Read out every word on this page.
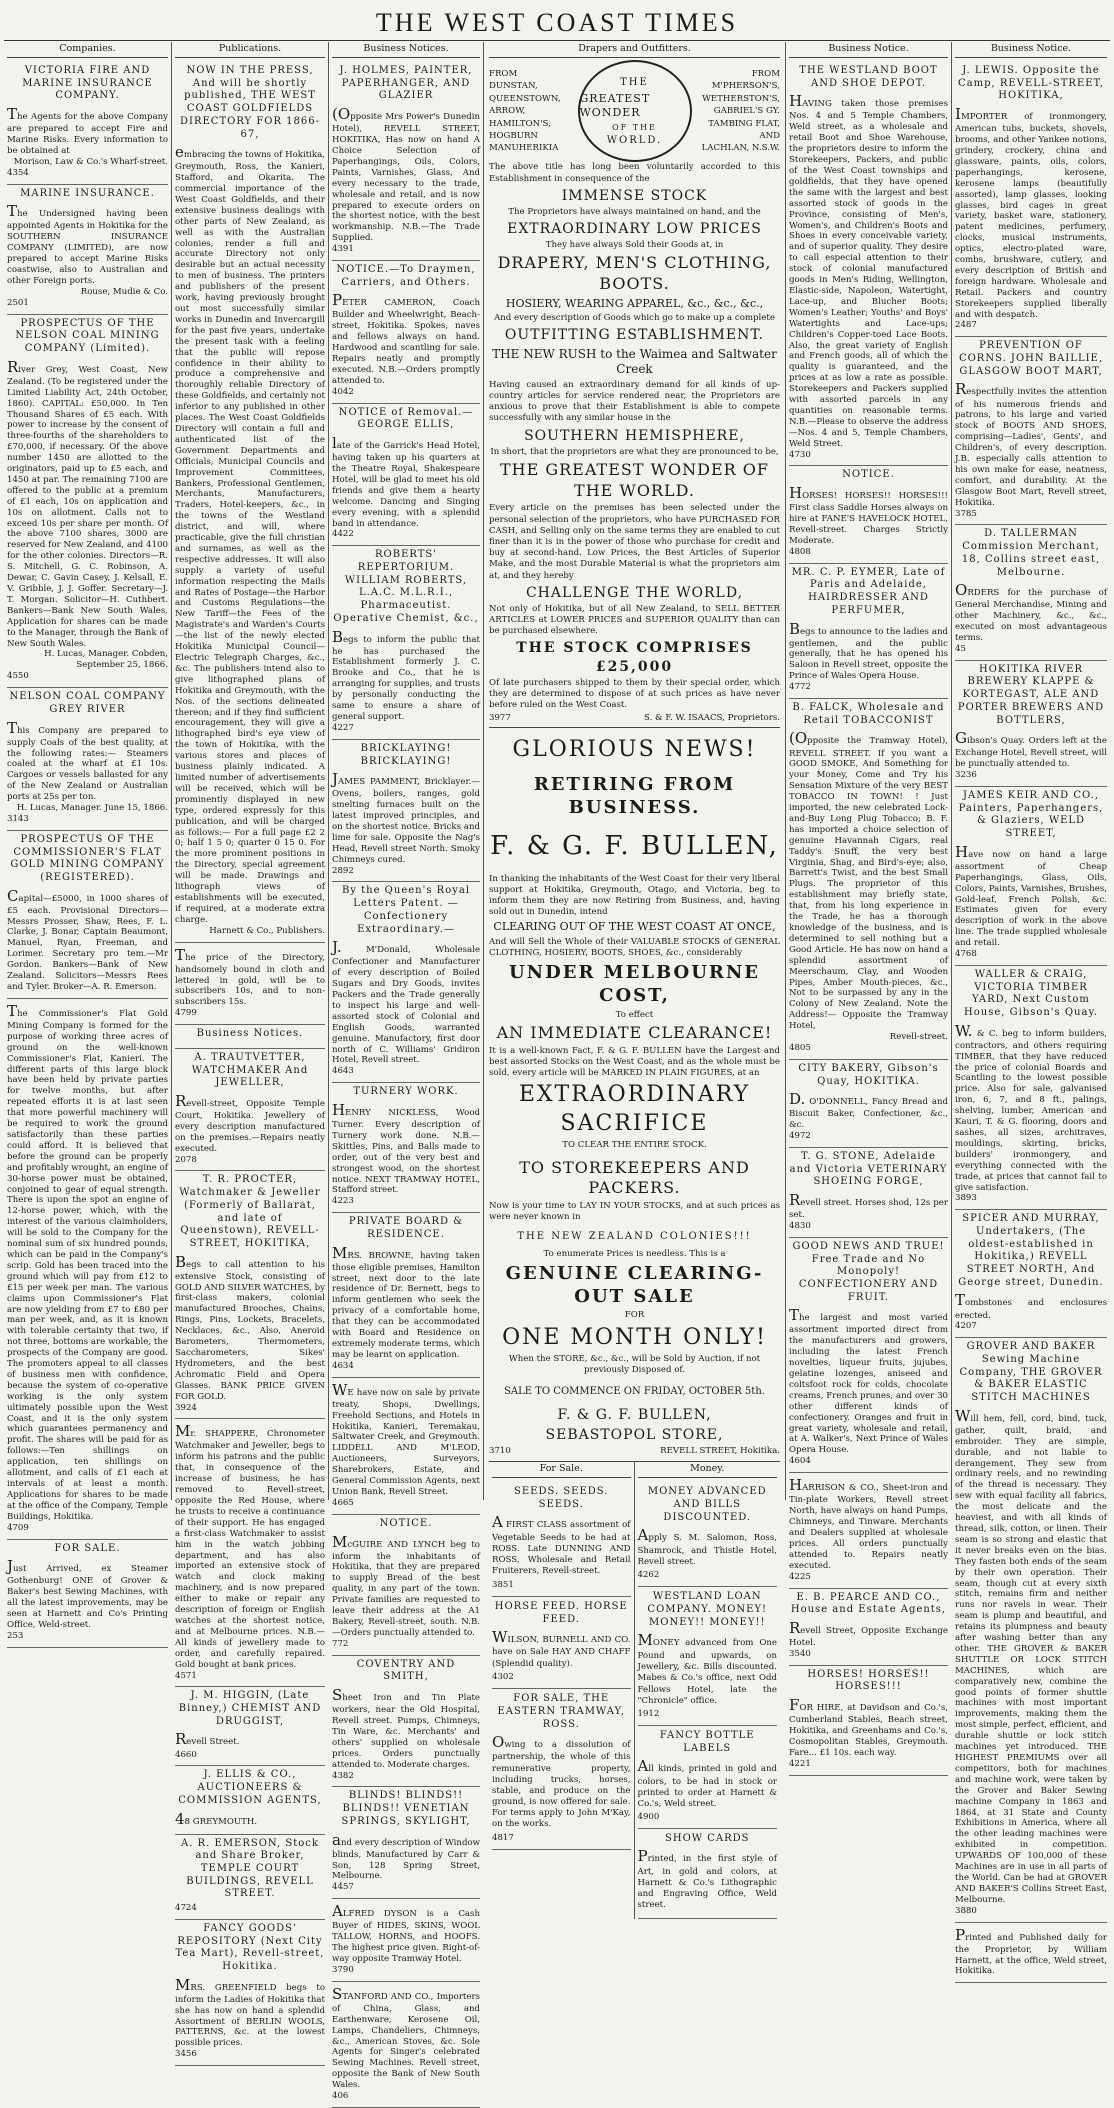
THE WEST COAST TIMES
Companies.
VICTORIA FIRE AND MARINE INSURANCE COMPANY.

The Agents for the above Company are prepared to accept Fire and Marine Risks. Every information to be obtained at

Morison, Law & Co.'s Wharf-street.
4354
MARINE INSURANCE.

The Undersigned having been appointed Agents in Hokitika for the SOUTHERN INSURANCE COMPANY (LIMITED), are now prepared to accept Marine Risks coastwise, also to Australian and other Foreign ports.

Rouse, Mudie & Co.
2501
PROSPECTUS OF THE NELSON COAL MINING COMPANY (Limited).

River Grey, West Coast, New Zealand. (To be registered under the Limited Liability Act, 24th October, 1860). CAPITAL: £50,000. In Ten Thousand Shares of £5 each. With power to increase by the consent of three-fourths of the shareholders to £70,000, if necessary. Of the above number 1450 are allotted to the originators, paid up to £5 each, and 1450 at par. The remaining 7100 are offered to the public at a premium of £1 each, 10s on application and 10s on allotment. Calls not to exceed 10s per share per month. Of the above 7100 shares, 3000 are reserved for New Zealand, and 4100 for the other colonies. Directors—R. S. Mitchell, G. C. Robinson, A. Dewar, C. Gavin Casey, J. Kelsall, E. V. Gribble, J. J. Goffer. Secretary—J. T. Morgan. Solicitor—H. Cuthbert. Bankers—Bank New South Wales. Application for shares can be made to the Manager, through the Bank of New South Wales.

H. Lucas, Manager. Cobden, September 25, 1866.
4550
NELSON COAL COMPANY GREY RIVER

This Company are prepared to supply Coals of the best quality, at the following rates:— Steamers coaled at the wharf at £1 10s. Cargoes or vessels ballasted for any of the New Zealand or Australian ports at 25s per ton.

H. Lucas, Manager. June 15, 1866.
3143
PROSPECTUS OF THE COMMISSIONER'S FLAT GOLD MINING COMPANY (REGISTERED).

Capital—£5000, in 1000 shares of £5 each. Provisional Directors—Messrs Prosser, Shaw, Rees, F. L. Clarke, J. Bonar, Captain Beaumont, Manuel, Ryan, Freeman, and Lorimer. Secretary pro tem.—Mr Gordon. Bankers—Bank of New Zealand. Solicitors—Messrs Rees and Tyler. Broker—A. R. Emerson.

The Commissioner's Flat Gold Mining Company is formed for the purpose of working three acres of ground on the well-known Commissioner's Flat, Kanieri. The different parts of this large block have been held by private parties for twelve months, but after repeated efforts it is at last seen that more powerful machinery will be required to work the ground satisfactorily than these parties could afford. It is believed that before the ground can be properly and profitably wrought, an engine of 30-horse power must be obtained, conjoined to gear of equal strength. There is upon the spot an engine of 12-horse power, which, with the interest of the various claimholders, will be sold to the Company for the nominal sum of six hundred pounds, which can be paid in the Company's scrip. Gold has been traced into the ground which will pay from £12 to £15 per week per man. The various claims upon Commissioner's Flat are now yielding from £7 to £80 per man per week, and, as it is known with tolerable certainty that two, if not three, bottoms are workable, the prospects of the Company are good. The promoters appeal to all classes of business men with confidence, because the system of co-operative working is the only system ultimately possible upon the West Coast, and it is the only system which guarantees permanency and profit. The shares will be paid for as follows:—Ten shillings on application, ten shillings on allotment, and calls of £1 each at intervals of at least a month. Applications for shares to be made at the office of the Company, Temple Buildings, Hokitika.

4709
FOR SALE.

Just Arrived, ex Steamer Gothenburg! ONE of Grover & Baker's best Sewing Machines, with all the latest improvements, may be seen at Harnett and Co's Printing Office, Weld-street.

253
Publications.
NOW IN THE PRESS, And will be shortly published, THE WEST COAST GOLDFIELDS DIRECTORY FOR 1866-67,

embracing the towns of Hokitika, Greymouth, Ross, the Kanieri, Stafford, and Okarita. The commercial importance of the West Coast Goldfields, and their extensive business dealings with other parts of New Zealand, as well as with the Australian colonies, render a full and accurate Directory not only desirable but an actual necessity to men of business. The printers and publishers of the present work, having previously brought out most successfully similar works in Dunedin and Invercargill for the past five years, undertake the present task with a feeling that the public will repose confidence in their ability to produce a comprehensive and thoroughly reliable Directory of these Goldfields, and certainly not inferior to any published in other places. The West Coast Goldfields Directory will contain a full and authenticated list of the Government Departments and Officials, Municipal Councils and Improvement Committees, Bankers, Professional Gentlemen, Merchants, Manufacturers, Traders, Hotel-keepers, &c., in the towns of the Westland district, and will, where practicable, give the full christian and surnames, as well as the respective addresses. It will also supply a variety of useful information respecting the Mails and Rates of Postage—the Harbor and Customs Regulations—the New Tariff—the Fees of the Magistrate's and Warden's Courts—the list of the newly elected Hokitika Municipal Council—Electric Telegraph Charges, &c., &c. The publishers intend also to give lithographed plans of Hokitika and Greymouth, with the Nos. of the sections delineated thereon; and if they find sufficient encouragement, they will give a lithographed bird's eye view of the town of Hokitika, with the various stores and places of business plainly indicated. A limited number of advertisements will be received, which will be prominently displayed in new type, ordered expressly for this publication, and will be charged as follows:— For a full page £2 2 0; half 1 5 0; quarter 0 15 0. For the more prominent positions in the Directory, special agreement will be made. Drawings and lithograph views of establishments will be executed, if required, at a moderate extra charge.

Harnett & Co., Publishers.

The price of the Directory, handsomely bound in cloth and lettered in gold, will be to subscribers 10s, and to non-subscribers 15s.

4799
Business Notices.
A. TRAUTVETTER, WATCHMAKER And JEWELLER,

Revell-street, Opposite Temple Court, Hokitika. Jewellery of every description manufactured on the premises.—Repairs neatly executed.

2078
T. R. PROCTER, Watchmaker & Jeweller (Formerly of Ballarat, and late of Queenstown), REVELL-STREET, HOKITIKA,

Begs to call attention to his extensive Stock, consisting of GOLD AND SILVER WATCHES, by first-class makers, colonial manufactured Brooches, Chains, Rings, Pins, Lockets, Bracelets, Necklaces, &c., Also, Aneroid Barometers, Thermometers, Saccharometers, Sikes' Hydrometers, and the best Achromatic Field and Opera Glasses. BANK PRICE GIVEN FOR GOLD.

3924

Mr. SHAPPERE, Chronometer Watchmaker and Jeweller, begs to inform his patrons and the public that, in consequence of the increase of business, he has removed to Revell-street, opposite the Red House, where he trusts to receive a continuance of their support. He has engaged a first-class Watchmaker to assist him in the watch jobbing department, and has also imported an extensive stock of watch and clock making machinery, and is now prepared either to make or repair any description of foreign or English watches at the shortest notice, and at Melbourne prices. N.B.—All kinds of jewellery made to order, and carefully repaired. Gold bought at bank prices.

4571
J. M. HIGGIN, (Late Binney,) CHEMIST AND DRUGGIST,

Revell Street.

4660
J. ELLIS & CO., AUCTIONEERS & COMMISSION AGENTS,

48 GREYMOUTH.

A. R. EMERSON, Stock and Share Broker, TEMPLE COURT BUILDINGS, REVELL STREET.
4724
FANCY GOODS' REPOSITORY (Next City Tea Mart), Revell-street, Hokitika.

MRS. GREENFIELD begs to inform the Ladies of Hokitika that she has now on hand a splendid Assortment of BERLIN WOOLS, PATTERNS, &c. at the lowest possible prices.

3456
Business Notices.
J. HOLMES, PAINTER, PAPERHANGER, AND GLAZIER

(Opposite Mrs Power's Dunedin Hotel), REVELL STREET, HOKITIKA, Has now on hand A Choice Selection of Paperhangings, Oils, Colors, Paints, Varnishes, Glass, And every necessary to the trade, wholesale and retail, and is now prepared to execute orders on the shortest notice, with the best workmanship. N.B.—The Trade Supplied.

4391
NOTICE.—To Draymen, Carriers, and Others.

PETER CAMERON, Coach Builder and Wheelwright, Beach-street, Hokitika. Spokes, naves and fellows always on hand. Hardwood and scantling for sale. Repairs neatly and promptly executed. N.B.—Orders promptly attended to.

4042
NOTICE of Removal.—GEORGE ELLIS,

late of the Garrick's Head Hotel, having taken up his quarters at the Theatre Royal, Shakespeare Hotel, will be glad to meet his old friends and give them a hearty welcome. Dancing and Singing every evening, with a splendid band in attendance.

4422
ROBERTS' REPERTORIUM. WILLIAM ROBERTS, L.A.C. M.L.R.I., Pharmaceutist. Operative Chemist, &c.,

Begs to inform the public that he has purchased the Establishment formerly J. C. Brooke and Co., that he is arranging for supplies, and trusts by personally conducting the same to ensure a share of general support.

4227
BRICKLAYING! BRICKLAYING!

JAMES PAMMENT, Bricklayer.—Ovens, boilers, ranges, gold smelting furnaces built on the latest improved principles, and on the shortest notice. Bricks and lime for sale. Opposite the Nag's Head, Revell street North. Smoky Chimneys cured.

2892
By the Queen's Royal Letters Patent. —Confectionery Extraordinary.—

J. M'Donald, Wholesale Confectioner and Manufacturer of every description of Boiled Sugars and Dry Goods, invites Packers and the Trade generally to inspect his large and well-assorted stock of Colonial and English Goods, warranted genuine. Manufactory, first door north of C. Williams' Gridiron Hotel, Revell street.

4643
TURNERY WORK.

HENRY NICKLESS, Wood Turner. Every description of Turnery work done. N.B.—Skittles, Pins, and Balls made to order, out of the very best and strongest wood, on the shortest notice. NEXT TRAMWAY HOTEL, Stafford street.

4223
PRIVATE BOARD & RESIDENCE.

MRS. BROWNE, having taken those eligible premises, Hamilton street, next door to the late residence of Dr. Bernett, begs to inform gentlemen who seek the privacy of a comfortable home, that they can be accommodated with Board and Residence on extremely moderate terms, which may be learnt on application.

4634

WE have now on sale by private treaty, Shops, Dwellings, Freehold Sections, and Hotels in Hokitika, Kanieri, Teremakau, Saltwater Creek, and Greymouth. LIDDELL AND M'LEOD, Auctioneers, Surveyors, Sharebrokers, Estate, and General Commission Agents, next Union Bank, Revell Street.

4665
NOTICE.

McGUIRE AND LYNCH beg to inform the inhabitants of Hokitika, that they are prepared to supply Bread of the best quality, in any part of the town. Private families are requested to leave their address at the A1 Bakery, Revell-street, south. N.B.—Orders punctually attended to.

772
COVENTRY AND SMITH,

Sheet Iron and Tin Plate workers, near the Old Hospital, Revell street. Pumps, Chimneys, Tin Ware, &c. Merchants' and others' supplied on wholesale prices. Orders punctually attended to. Moderate charges.

4382
BLINDS! BLINDS!! BLINDS!! VENETIAN SPRINGS, SKYLIGHT,

and every description of Window blinds, Manufactured by Carr & Son, 128 Spring Street, Melbourne.

4457

ALFRED DYSON is a Cash Buyer of HIDES, SKINS, WOOL TALLOW, HORNS, and HOOFS. The highest price given. Right-of-way opposite Tramway Hotel.

3790

STANFORD AND CO., Importers of China, Glass, and Earthenware, Kerosene Oil, Lamps, Chandeliers, Chimneys, &c., American Stoves, &c. Sole Agents for Singer's celebrated Sewing Machines. Revell street, opposite the Bank of New South Wales.

406
Drapers and Outfitters.
FROM
DUNSTAN,
QUEENSTOWN,
ARROW,
HAMILTON'S,
HOGBURN
MANUHERIKIA
THE
GREATEST WONDER
OF THE
WORLD.
FROM
M'PHERSON'S,
WETHERSTON'S,
GABRIEL'S GY.
TAMBING FLAT,
AND
LACHLAN, N.S.W.

The above title has long been voluntarily accorded to this Establishment in consequence of the

IMMENSE STOCK
The Proprietors have always maintained on hand, and the
EXTRAORDINARY LOW PRICES
They have always Sold their Goods at, in
DRAPERY, MEN'S CLOTHING, BOOTS.
HOSIERY, WEARING APPAREL, &c., &c., &c.,
And every description of Goods which go to make up a complete
OUTFITTING ESTABLISHMENT.
THE NEW RUSH to the Waimea and Saltwater Creek

Having caused an extraordinary demand for all kinds of up-country articles for service rendered near, the Proprietors are anxious to prove that their Establishment is able to compete successfully with any similar house in the

SOUTHERN HEMISPHERE,
In short, that the proprietors are what they are pronounced to be,
THE GREATEST WONDER OF THE WORLD.

Every article on the premises has been selected under the personal selection of the proprietors, who have PURCHASED FOR CASH, and Selling only on the same terms they are enabled to cut finer than it is in the power of those who purchase for credit and buy at second-hand. Low Prices, the Best Articles of Superior Make, and the most Durable Material is what the proprietors aim at, and they hereby

CHALLENGE THE WORLD,

Not only of Hokitika, but of all New Zealand, to SELL BETTER ARTICLES at LOWER PRICES and SUPERIOR QUALITY than can be purchased elsewhere.

THE STOCK COMPRISES £25,000

Of late purchasers shipped to them by their special order, which they are determined to dispose of at such prices as have never before ruled on the West Coast.

3977	S. & F. W. ISAACS, Proprietors.
GLORIOUS NEWS!
RETIRING FROM BUSINESS.
F. & G. F. BULLEN,

In thanking the inhabitants of the West Coast for their very liberal support at Hokitika, Greymouth, Otago, and Victoria, beg to inform them they are now Retiring from Business, and, having sold out in Dunedin, intend

CLEARING OUT OF THE WEST COAST AT ONCE,

And will Sell the Whole of their VALUABLE STOCKS of GENERAL CLOTHING, HOSIERY, BOOTS, SHOES, &c., considerably

UNDER MELBOURNE COST,
To effect
AN IMMEDIATE CLEARANCE!

It is a well-known Fact, F. & G. F. BULLEN have the Largest and best assorted Stocks on the West Coast, and as the whole must be sold, every article will be MARKED IN PLAIN FIGURES, at an

EXTRAORDINARY SACRIFICE
TO CLEAR THE ENTIRE STOCK.
TO STOREKEEPERS AND PACKERS.

Now is your time to LAY IN YOUR STOCKS, and at such prices as were never known in

THE NEW ZEALAND COLONIES!!!
To enumerate Prices is needless. This is a
GENUINE CLEARING-OUT SALE
FOR
ONE MONTH ONLY!

When the STORE, &c., &c., will be Sold by Auction, if not previously Disposed of.

SALE TO COMMENCE ON FRIDAY, OCTOBER 5th.
F. & G. F. BULLEN,
SEBASTOPOL STORE,
3710	REVELL STREET, Hokitika.
For Sale.
SEEDS. SEEDS. SEEDS.

A FIRST CLASS assortment of Vegetable Seeds to be had at ROSS. Late DUNNING AND ROSS, Wholesale and Retail Fruiterers, Revell-street.

3851
HORSE FEED. HORSE FEED.

WILSON, BURNELL AND CO. have on Sale HAY AND CHAFF (Splendid quality).

4302
FOR SALE, THE EASTERN TRAMWAY, ROSS.

Owing to a dissolution of partnership, the whole of this remunerative property, including trucks, horses, stable, and produce on the ground, is now offered for sale. For terms apply to John M'Kay, on the works.

4817
Money.
MONEY ADVANCED AND BILLS DISCOUNTED.

Apply S. M. Salomon, Ross, Shamrock, and Thistle Hotel, Revell street.

4262
WESTLAND LOAN COMPANY. MONEY! MONEY!! MONEY!!

MONEY advanced from One Pound and upwards, on Jewellery, &c. Bills discounted. Mabes & Co.'s office, next Odd Fellows Hotel, late the "Chronicle" office.

1912
FANCY BOTTLE LABELS

All kinds, printed in gold and colors, to be had in stock or printed to order at Harnett & Co.'s, Weld street.

4900
SHOW CARDS

Printed, in the first style of Art, in gold and colors, at Harnett & Co.'s Lithographic and Engraving Office, Weld street.

Business Notice.
THE WESTLAND BOOT AND SHOE DEPOT.

HAVING taken those premises Nos. 4 and 5 Temple Chambers, Weld street, as a wholesale and retail Boot and Shoe Warehouse, the proprietors desire to inform the Storekeepers, Packers, and public of the West Coast townships and goldfields, that they have opened the same with the largest and best assorted stock of goods in the Province, consisting of Men's, Women's, and Children's Boots and Shoes in every conceivable variety, and of superior quality. They desire to call especial attention to their stock of colonial manufactured goods in Men's Riding, Wellington, Elastic-side, Napoleon, Watertight, Lace-up, and Blucher Boots; Women's Leather; Youths' and Boys' Watertights and Lace-ups; Children's Copper-toed Lace Boots. Also, the great variety of English and French goods, all of which the quality is guaranteed, and the prices at as low a rate as possible. Storekeepers and Packers supplied with assorted parcels in any quantities on reasonable terms. N.B.—Please to observe the address—Nos. 4 and 5, Temple Chambers, Weld Street.

4730
NOTICE.

HORSES! HORSES!! HORSES!!! First class Saddle Horses always on hire at FANE'S HAVELOCK HOTEL, Revell-street. Charges Strictly Moderate.

4808
MR. C. P. EYMER, Late of Paris and Adelaide, HAIRDRESSER AND PERFUMER,

Begs to announce to the ladies and gentlemen, and the public generally, that he has opened his Saloon in Revell street, opposite the Prince of Wales Opera House.

4772
B. FALCK, Wholesale and Retail TOBACCONIST

(Opposite the Tramway Hotel), REVELL STREET. If you want a GOOD SMOKE, And Something for your Money, Come and Try his Sensation Mixture of the very BEST TOBACCO IN TOWN! ! Just imported, the new celebrated Lock-and-Buy Long Plug Tobacco; B. F. has imported a choice selection of genuine Havannah Cigars, real Taddy's Snuff, the very best Virginia, Shag, and Bird's-eye; also, Barrett's Twist, and the best Small Plugs. The proprietor of this establishment may briefly state, that, from his long experience in the Trade, he has a thorough knowledge of the business, and is determined to sell nothing but a Good Article. He has now on hand a splendid assortment of Meerschaum, Clay, and Wooden Pipes, Amber Mouth-pieces, &c., Not to be surpassed by any in the Colony of New Zealand. Note the Address!— Opposite the Tramway Hotel,

Revell-street.
4805
CITY BAKERY, Gibson's Quay, HOKITIKA.

D. O'DONNELL, Fancy Bread and Biscuit Baker, Confectioner, &c., &c.

4972
T. G. STONE, Adelaide and Victoria VETERINARY SHOEING FORGE,

Revell street. Horses shod, 12s per set.

4830
GOOD NEWS AND TRUE! Free Trade and No Monopoly! CONFECTIONERY AND FRUIT.

The largest and most varied assortment imported direct from the manufacturers and growers, including the latest French novelties, liqueur fruits, jujubes, gelatine lozenges, aniseed and coltsfoot rock for colds, chocolate creams, French prunes, and over 30 other different kinds of confectionery. Oranges and fruit in great variety, wholesale and retail, at A. Walker's, Next Prince of Wales Opera House.

4604

HARRISON & CO., Sheet-iron and Tin-plate Workers, Revell street North, have always on hand Pumps, Chimneys, and Tinware. Merchants and Dealers supplied at wholesale prices. All orders punctually attended to. Repairs neatly executed.

4225
E. B. PEARCE AND CO., House and Estate Agents,

Revell Street, Opposite Exchange Hotel.

3540
HORSES! HORSES!! HORSES!!!

FOR HIRE, at Davidson and Co.'s, Cumberland Stables, Beach street, Hokitika, and Greenhams and Co.'s, Cosmopolitan Stables, Greymouth. Fare... £1 10s. each way.

4221
Business Notice.
J. LEWIS. Opposite the Camp, REVELL-STREET, HOKITIKA,

IMPORTER of ironmongery, American tubs, buckets, shovels, brooms, and other Yankee notions, grindery, crockery, china and glassware, paints, oils, colors, paperhangings, kerosene, kerosene lamps (beautifully assorted), lamp glasses, looking glasses, bird cages in great variety, basket ware, stationery, patent medicines, perfumery, clocks, musical instruments, optics, electro-plated ware, combs, brushware, cutlery, and every description of British and foreign hardware. Wholesale and Retail. Packers and country Storekeepers supplied liberally and with despatch.

2487
PREVENTION OF CORNS. JOHN BAILLIE, GLASGOW BOOT MART,

Respectfully invites the attention of his numerous friends and patrons, to his large and varied stock of BOOTS AND SHOES, comprising—Ladies', Gents', and Children's, of every description. J.B. especially calls attention to his own make for ease, neatness, comfort, and durability. At the Glasgow Boot Mart, Revell street, Hokitika.

3785
D. TALLERMAN Commission Merchant, 18, Collins street east, Melbourne.

ORDERS for the purchase of General Merchandise, Mining and other Machinery, &c., &c., executed on most advantageous terms.

45
HOKITIKA RIVER BREWERY KLAPPE & KORTEGAST, ALE AND PORTER BREWERS AND BOTTLERS,

Gibson's Quay. Orders left at the Exchange Hotel, Revell street, will be punctually attended to.

3236
JAMES KEIR AND CO., Painters, Paperhangers, & Glaziers, WELD STREET,

Have now on hand a large assortment of Cheap Paperhangings, Glass, Oils, Colors, Paints, Varnishes, Brushes, Gold-leaf, French Polish, &c. Estimates given for every description of work in the above line. The trade supplied wholesale and retail.

4768
WALLER & CRAIG, VICTORIA TIMBER YARD, Next Custom House, Gibson's Quay.

W. & C. beg to inform builders, contractors, and others requiring TIMBER, that they have reduced the price of colonial Boards and Scantling to the lowest possible price. Also for sale, galvanised iron, 6, 7, and 8 ft., palings, shelving, lumber, American and Kauri, T. & G. flooring, doors and sashes, all sizes, architraves, mouldings, skirting, bricks, builders' ironmongery, and everything connected with the trade, at prices that cannot fail to give satisfaction.

3893
SPICER AND MURRAY, Undertakers, (The oldest-established in Hokitika,) REVELL STREET NORTH, And George street, Dunedin.

Tombstones and enclosures erected.

4207
GROVER AND BAKER Sewing Machine Company, THE GROVER & BAKER ELASTIC STITCH MACHINES

Will hem, fell, cord, bind, tuck, gather, quilt, braid, and embroider. They are simple, durable, and not liable to derangement. They sew from ordinary reels, and no rewinding of the thread is necessary. They sew with equal facility all fabrics, the most delicate and the heaviest, and with all kinds of thread, silk, cotton, or linen. Their seam is so strong and elastic that it never breaks even on the bias. They fasten both ends of the seam by their own operation. Their seam, though cut at every sixth stitch, remains firm and neither runs nor ravels in wear. Their seam is plump and beautiful, and retains its plumpness and beauty after washing better than any other. THE GROVER & BAKER SHUTTLE OR LOCK STITCH MACHINES, which are comparatively new, combine the good points of former shuttle machines with most important improvements, making them the most simple, perfect, efficient, and durable shuttle or lock stitch machines yet introduced. THE HIGHEST PREMIUMS over all competitors, both for machines and machine work, were taken by the Grover and Baker Sewing machine Company in 1863 and 1864, at 31 State and County Exhibitions in America, where all the other leading machines were exhibited in competition. UPWARDS OF 100,000 of these Machines are in use in all parts of the World. Can be had at GROVER AND BAKER'S Collins Street East, Melbourne.

3880

Printed and Published daily for the Proprietor, by William Harnett, at the office, Weld street, Hokitika.
